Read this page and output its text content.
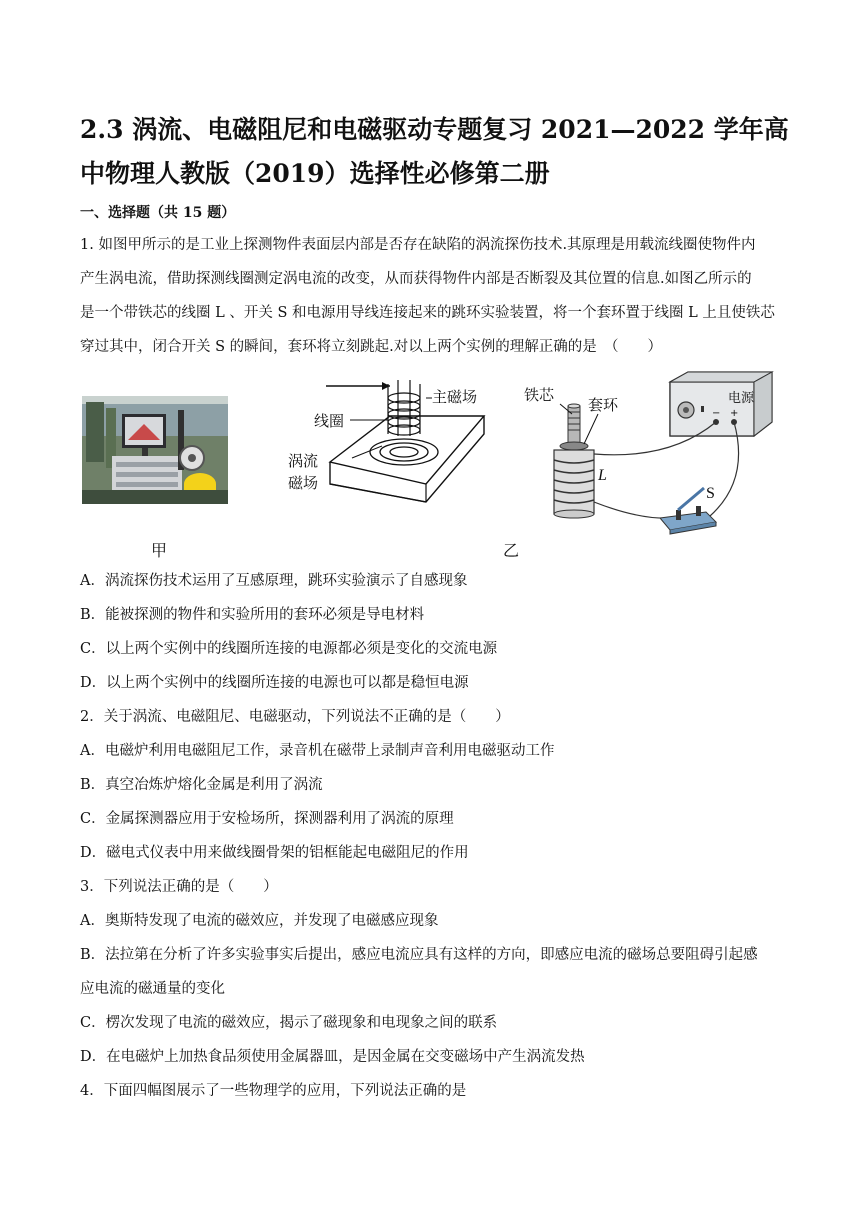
2.3 涡流、电磁阻尼和电磁驱动专题复习 2021—2022 学年高中物理人教版（2019）选择性必修第二册
一、选择题（共 15 题）
1. 如图甲所示的是工业上探测物件表面层内部是否存在缺陷的涡流探伤技术.其原理是用载流线圈使物件内
产生涡电流，借助探测线圈测定涡电流的改变，从而获得物件内部是否断裂及其位置的信息.如图乙所示的
是一个带铁芯的线圈 L 、开关 S 和电源用导线连接起来的跳环实验装置，将一个套环置于线圈 L 上且使铁芯
穿过其中，闭合开关 S 的瞬间，套环将立刻跳起.对以上两个实例的理解正确的是　（　　）
主磁场
线圈
涡流
磁场
电源
− +
S
铁芯
套环
L
甲	乙
A．涡流探伤技术运用了互感原理，跳环实验演示了自感现象
B．能被探测的物件和实验所用的套环必须是导电材料
C．以上两个实例中的线圈所连接的电源都必须是变化的交流电源
D．以上两个实例中的线圈所连接的电源也可以都是稳恒电源
2．关于涡流、电磁阻尼、电磁驱动，下列说法不正确的是（　　）
A．电磁炉利用电磁阻尼工作，录音机在磁带上录制声音利用电磁驱动工作
B．真空冶炼炉熔化金属是利用了涡流
C．金属探测器应用于安检场所，探测器利用了涡流的原理
D．磁电式仪表中用来做线圈骨架的铝框能起电磁阻尼的作用
3．下列说法正确的是（　　）
A．奥斯特发现了电流的磁效应，并发现了电磁感应现象
B．法拉第在分析了许多实验事实后提出，感应电流应具有这样的方向，即感应电流的磁场总要阻碍引起感
应电流的磁通量的变化
C．楞次发现了电流的磁效应，揭示了磁现象和电现象之间的联系
D．在电磁炉上加热食品须使用金属器皿，是因金属在交变磁场中产生涡流发热
4．下面四幅图展示了一些物理学的应用，下列说法正确的是
